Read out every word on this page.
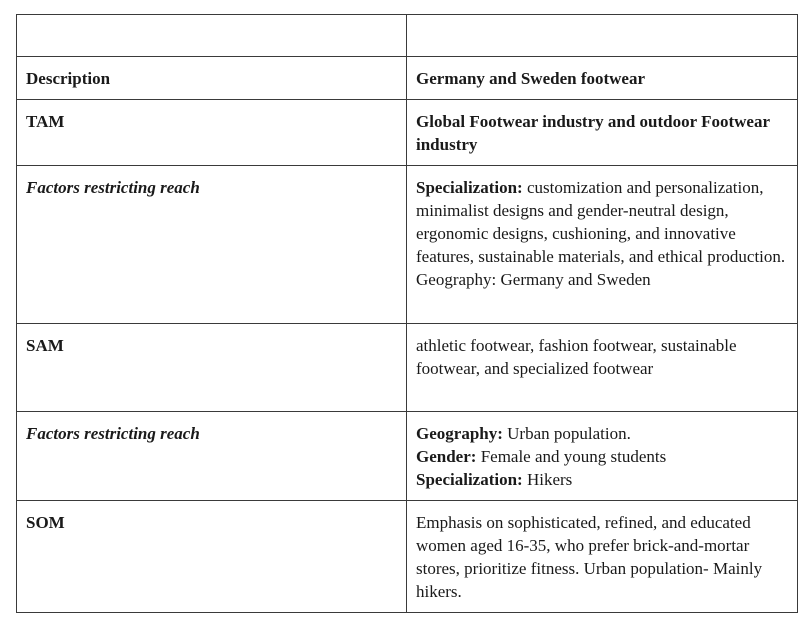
Description	Germany and Sweden footwear
TAM	Global Footwear industry and outdoor Footwear industry
Factors restricting reach	Specialization: customization and personalization, minimalist designs and gender-neutral design, ergonomic designs, cushioning, and innovative features, sustainable materials, and ethical production.
Geography: Germany and Sweden

SAM	athletic footwear, fashion footwear, sustainable footwear, and specialized footwear
Factors restricting reach	Geography: Urban population.
Gender: Female and young students
Specialization: Hikers

SOM	Emphasis on sophisticated, refined, and educated women aged 16-35, who prefer brick-and-mortar stores, prioritize fitness. Urban population- Mainly hikers.
